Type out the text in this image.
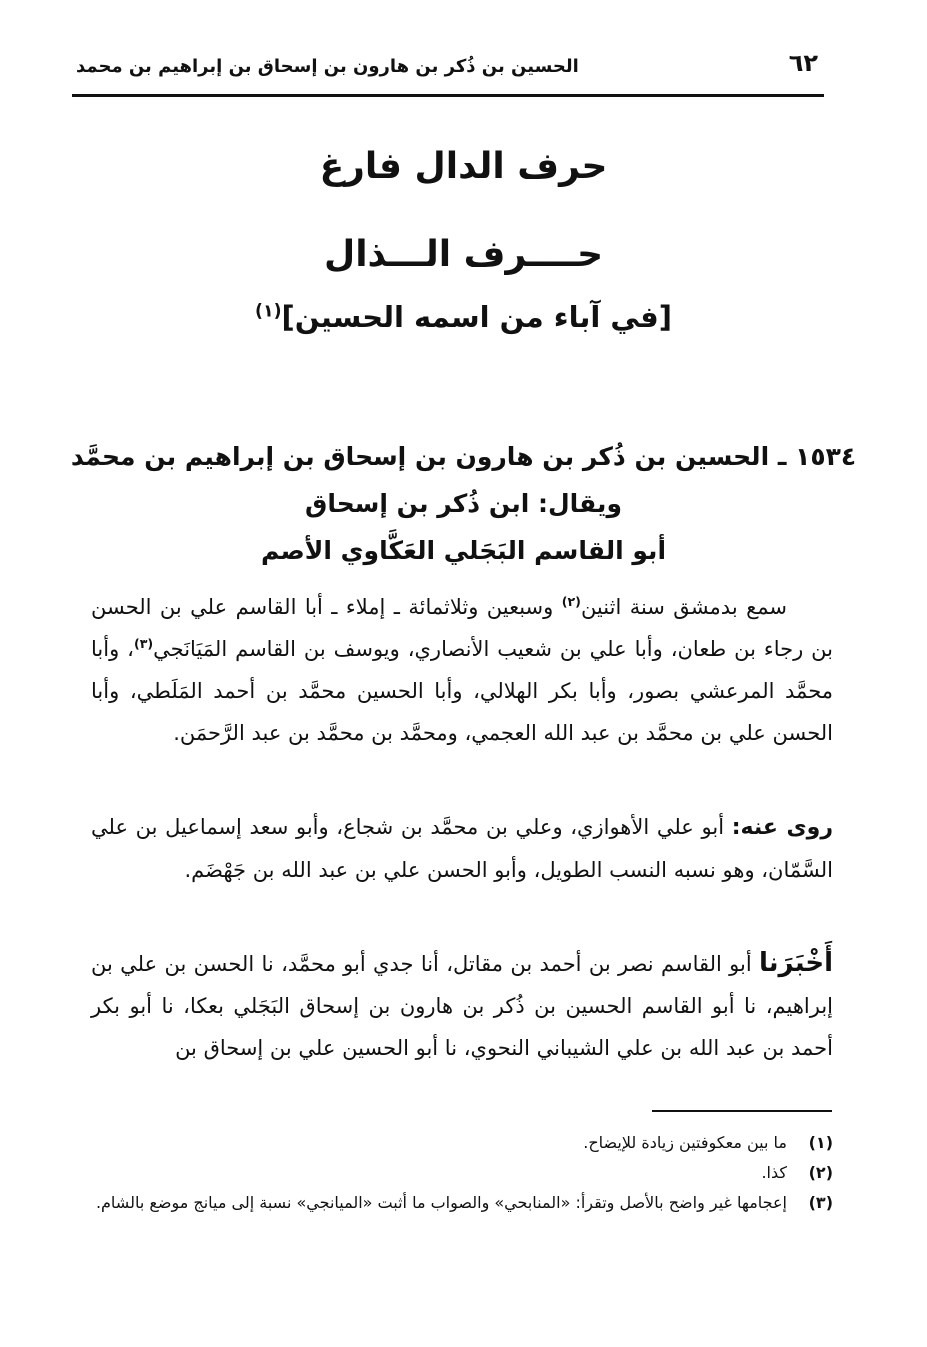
٦٢
الحسين بن ذُكر بن هارون بن إسحاق بن إبراهيم بن محمد
حرف الدال فارغ
حــــرف الـــذال
[في آباء من اسمه الحسين]$^{(١)}$
١٥٣٤ ـ الحسين بن ذُكر بن هارون بن إسحاق بن إبراهيم بن محمَّد
ويقال: ابن ذُكر بن إسحاق
أبو القاسم البَجَلي العَكَّاوي الأصم

سمع بدمشق سنة اثنين$^{(٢)}$ وسبعين وثلاثمائة ـ إملاء ـ أبا القاسم علي بن الحسن بن رجاء بن طعان، وأبا علي بن شعيب الأنصاري، ويوسف بن القاسم المَيَانَجي$^{(٣)}$، وأبا محمَّد المرعشي بصور، وأبا بكر الهلالي، وأبا الحسين محمَّد بن أحمد المَلَطي، وأبا الحسن علي بن محمَّد بن عبد الله العجمي، ومحمَّد بن محمَّد بن عبد الرَّحمَن.

روى عنه: أبو علي الأهوازي، وعلي بن محمَّد بن شجاع، وأبو سعد إسماعيل بن علي السَّمّان، وهو نسبه النسب الطويل، وأبو الحسن علي بن عبد الله بن جَهْضَم.

أَخْبَرَنا أبو القاسم نصر بن أحمد بن مقاتل، أنا جدي أبو محمَّد، نا الحسن بن علي بن إبراهيم، نا أبو القاسم الحسين بن ذُكر بن هارون بن إسحاق البَجَلي بعكا، نا أبو بكر أحمد بن عبد الله بن علي الشيباني النحوي، نا أبو الحسين علي بن إسحاق بن

(١)
ما بين معكوفتين زيادة للإيضاح.
(٢)
كذا.
(٣)
إعجامها غير واضح بالأصل وتقرأ: «المنابحي» والصواب ما أثبت «الميانجي» نسبة إلى ميانج موضع بالشام.
